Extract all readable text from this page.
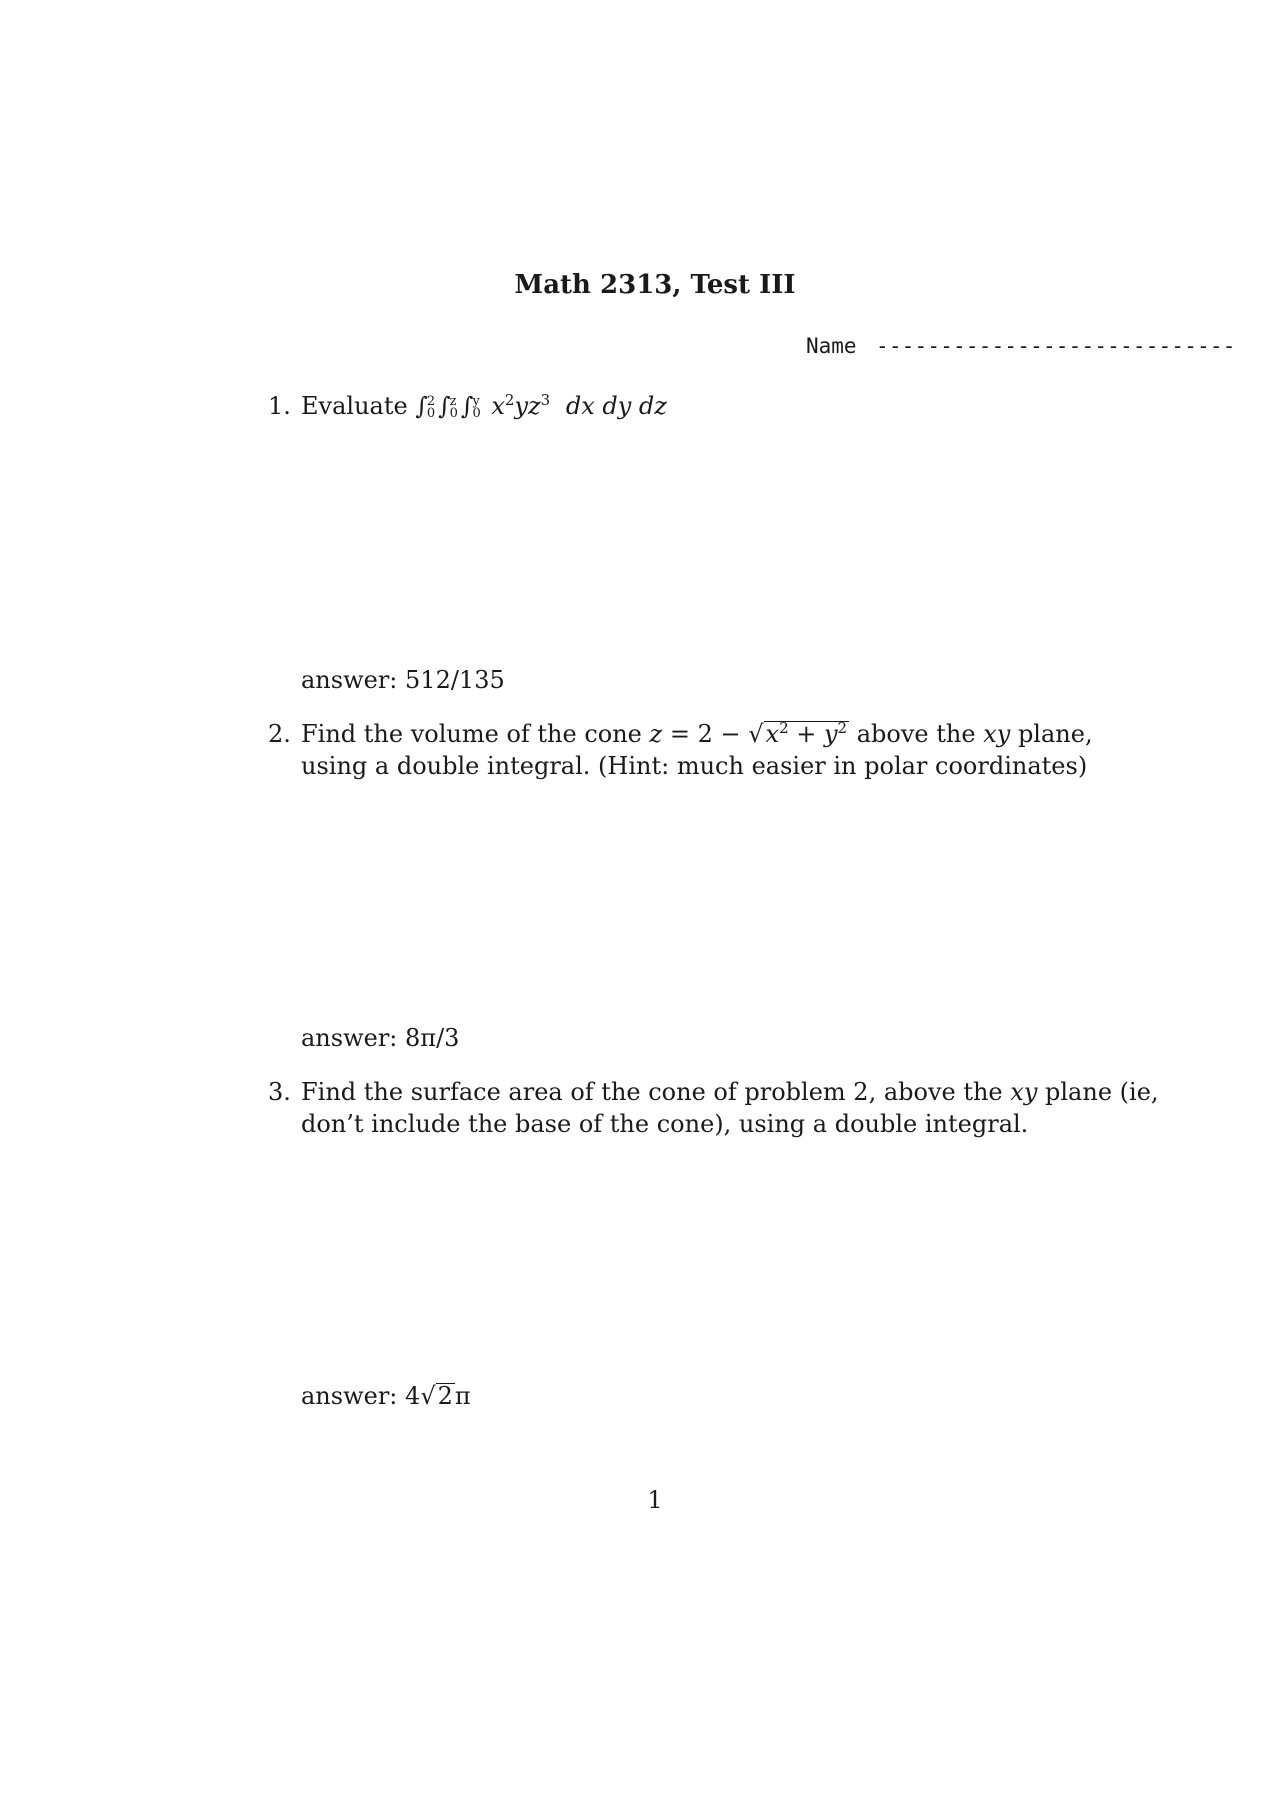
Math 2313, Test III
Name ----------------------------
1. Evaluate ∫ 2
0 ∫ z
0 ∫ y
0 $x^2yz^3$ dx dy dz
answer: 512/135
2. Find the volume of the cone $z = 2 - √x^2 + y^2$ above the xy plane,
using a double integral. (Hint: much easier in polar coordinates)
answer: 8π/3
3. Find the surface area of the cone of problem 2, above the xy plane (ie,
don’t include the base of the cone), using a double integral.
answer: 4√2π
1
